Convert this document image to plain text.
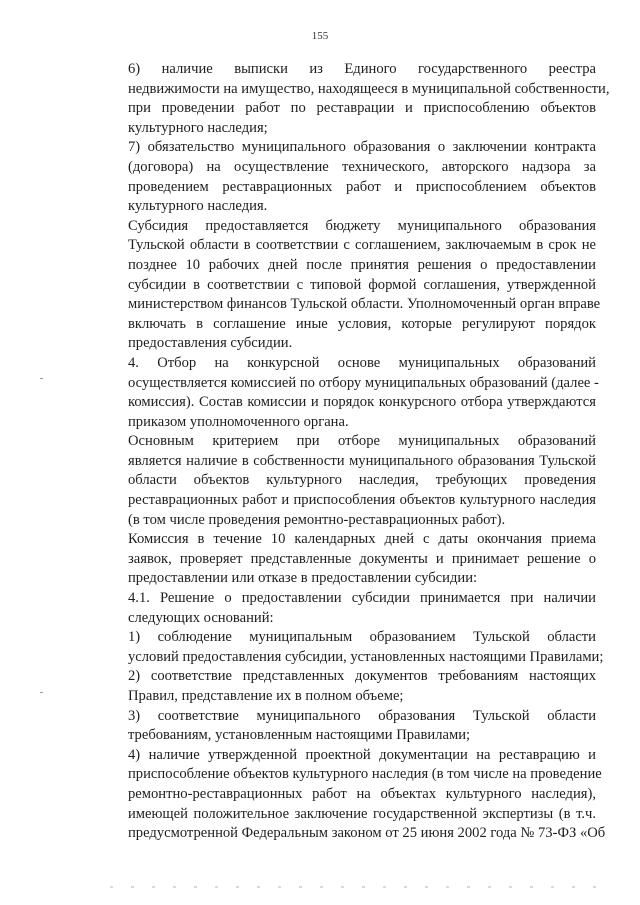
155

6) наличие выписки из Единого государственного реестра
недвижимости на имущество, находящееся в муниципальной собственности,
при проведении работ по реставрации и приспособлению объектов
культурного наследия;

7) обязательство муниципального образования о заключении контракта
(договора) на осуществление технического, авторского надзора за
проведением реставрационных работ и приспособлением объектов
культурного наследия.

Субсидия предоставляется бюджету муниципального образования
Тульской области в соответствии с соглашением, заключаемым в срок не
позднее 10 рабочих дней после принятия решения о предоставлении
субсидии в соответствии с типовой формой соглашения, утвержденной
министерством финансов Тульской области. Уполномоченный орган вправе
включать в соглашение иные условия, которые регулируют порядок
предоставления субсидии.

4. Отбор на конкурсной основе муниципальных образований
осуществляется комиссией по отбору муниципальных образований (далее -
комиссия). Состав комиссии и порядок конкурсного отбора утверждаются
приказом уполномоченного органа.

Основным критерием при отборе муниципальных образований
является наличие в собственности муниципального образования Тульской
области объектов культурного наследия, требующих проведения
реставрационных работ и приспособления объектов культурного наследия
(в том числе проведения ремонтно-реставрационных работ).

Комиссия в течение 10 календарных дней с даты окончания приема
заявок, проверяет представленные документы и принимает решение о
предоставлении или отказе в предоставлении субсидии:

4.1. Решение о предоставлении субсидии принимается при наличии
следующих оснований:

1) соблюдение муниципальным образованием Тульской области
условий предоставления субсидии, установленных настоящими Правилами;

2) соответствие представленных документов требованиям настоящих
Правил, представление их в полном объеме;

3) соответствие муниципального образования Тульской области
требованиям, установленным настоящими Правилами;

4) наличие утвержденной проектной документации на реставрацию и
приспособление объектов культурного наследия (в том числе на проведение
ремонтно-реставрационных работ на объектах культурного наследия),
имеющей положительное заключение государственной экспертизы (в т.ч.
предусмотренной Федеральным законом от 25 июня 2002 года № 73-ФЗ «Об
